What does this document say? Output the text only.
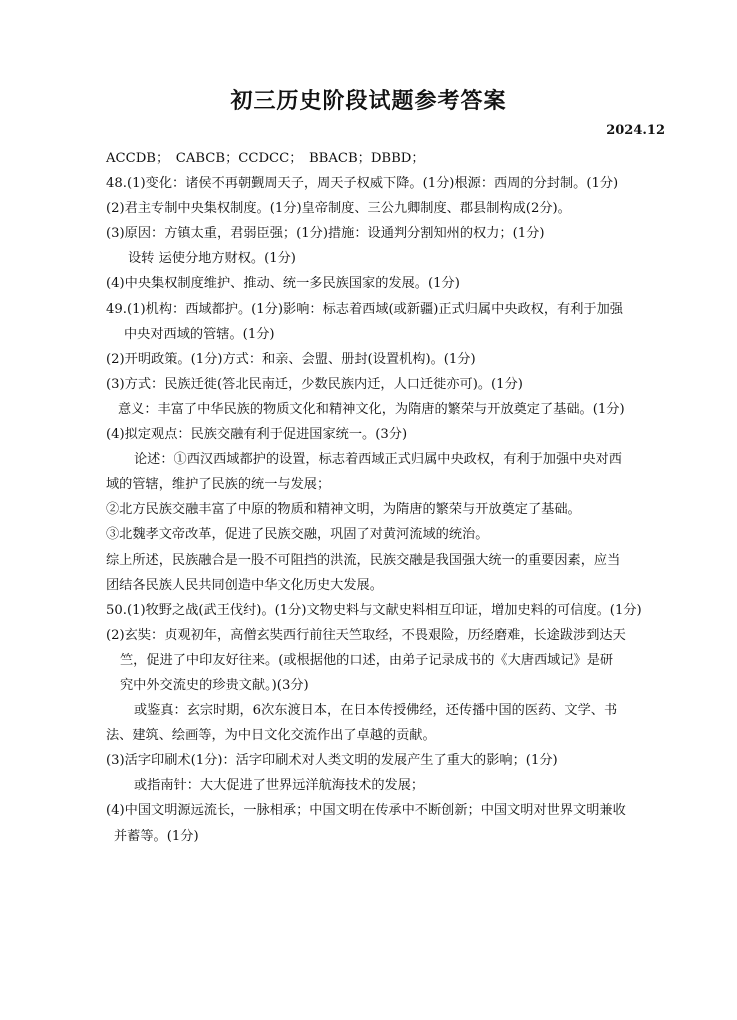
初三历史阶段试题参考答案
2024.12
ACCDB；　CABCB；CCDCC；　BBACB；DBBD；
48.(1)变化：诸侯不再朝觐周天子，周天子权威下降。(1分)根源：西周的分封制。(1分)
(2)君主专制中央集权制度。(1分)皇帝制度、三公九卿制度、郡县制构成(2分)。
(3)原因：方镇太重，君弱臣强；(1分)措施：设通判分割知州的权力；(1分)
设转 运使分地方财权。(1分)
(4)中央集权制度维护、推动、统一多民族国家的发展。(1分)
49.(1)机构：西域都护。(1分)影响：标志着西域(或新疆)正式归属中央政权，有利于加强
中央对西域的管辖。(1分)
(2)开明政策。(1分)方式：和亲、会盟、册封(设置机构)。(1分)
(3)方式：民族迁徙(答北民南迁，少数民族内迁，人口迁徙亦可)。(1分)
意义：丰富了中华民族的物质文化和精神文化，为隋唐的繁荣与开放奠定了基础。(1分)
(4)拟定观点：民族交融有利于促进国家统一。(3分)
论述：①西汉西域都护的设置，标志着西域正式归属中央政权，有利于加强中央对西
域的管辖，维护了民族的统一与发展；
②北方民族交融丰富了中原的物质和精神文明，为隋唐的繁荣与开放奠定了基础。
③北魏孝文帝改革，促进了民族交融，巩固了对黄河流域的统治。
综上所述，民族融合是一股不可阻挡的洪流，民族交融是我国强大统一的重要因素，应当
团结各民族人民共同创造中华文化历史大发展。
50.(1)牧野之战(武王伐纣)。(1分)文物史料与文献史料相互印证，增加史料的可信度。(1分)
(2)玄奘：贞观初年，高僧玄奘西行前往天竺取经，不畏艰险，历经磨难，长途跋涉到达天
竺，促进了中印友好往来。(或根据他的口述，由弟子记录成书的《大唐西域记》是研
究中外交流史的珍贵文献。)(3分)
或鉴真：玄宗时期，6次东渡日本，在日本传授佛经，还传播中国的医药、文学、书
法、建筑、绘画等，为中日文化交流作出了卓越的贡献。
(3)活字印刷术(1分)：活字印刷术对人类文明的发展产生了重大的影响；(1分)
或指南针：大大促进了世界远洋航海技术的发展；
(4)中国文明源远流长，一脉相承；中国文明在传承中不断创新；中国文明对世界文明兼收
并蓄等。(1分)
